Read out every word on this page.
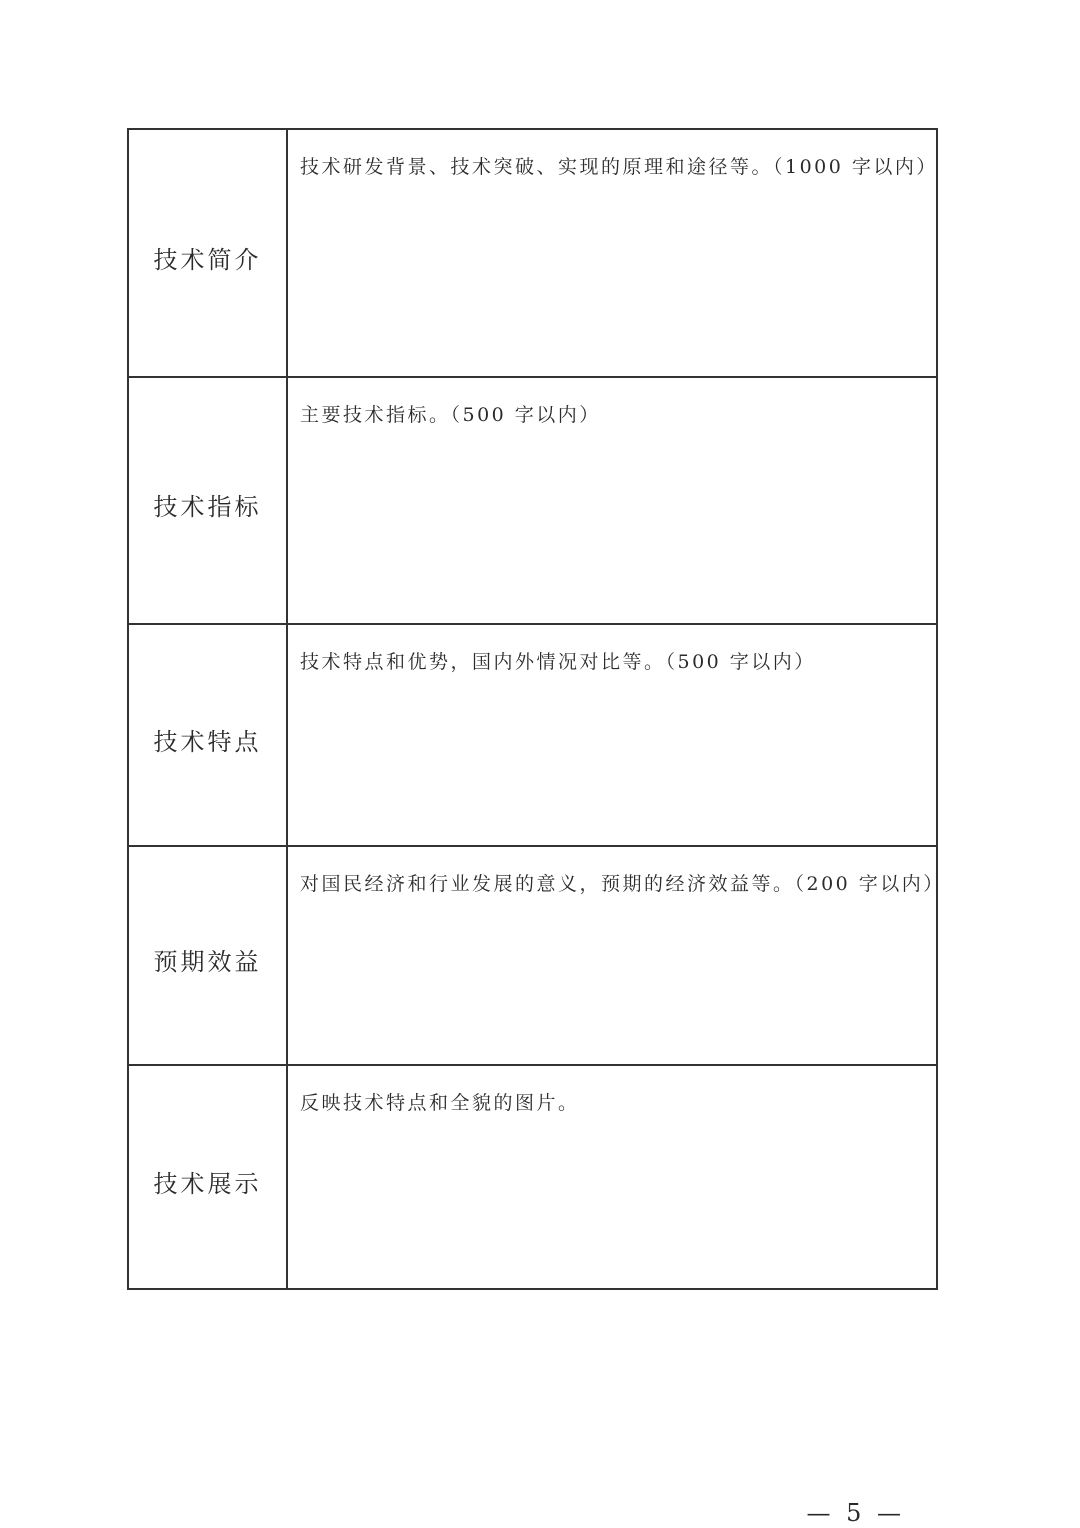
技术简介
技术研发背景、技术突破、实现的原理和途径等。（1000 字以内）
技术指标
主要技术指标。（500 字以内）
技术特点
技术特点和优势，国内外情况对比等。（500 字以内）
预期效益
对国民经济和行业发展的意义，预期的经济效益等。（200 字以内）
技术展示
反映技术特点和全貌的图片。
— 5 —
